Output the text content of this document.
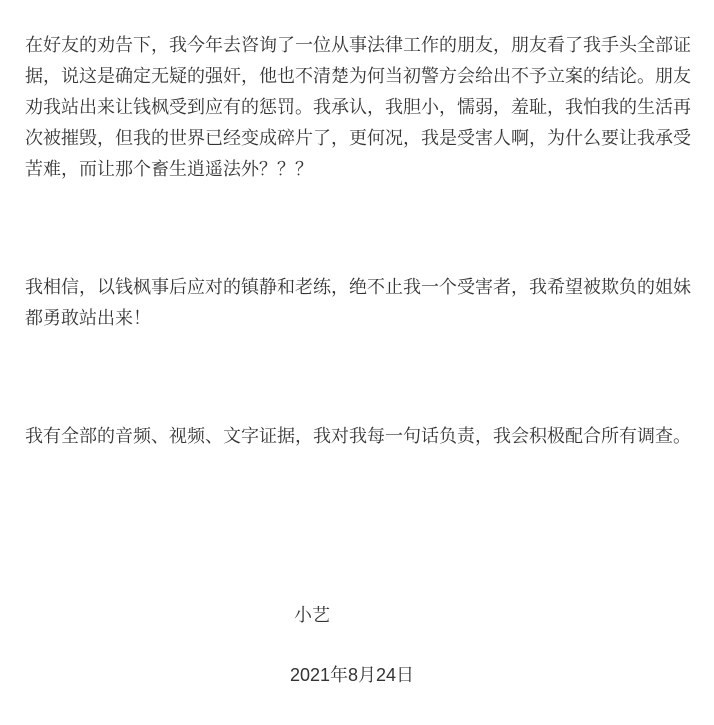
在好友的劝告下，我今年去咨询了一位从事法律工作的朋友，朋友看了我手头全部证据，说这是确定无疑的强奸，他也不清楚为何当初警方会给出不予立案的结论。朋友劝我站出来让钱枫受到应有的惩罚。我承认，我胆小，懦弱，羞耻，我怕我的生活再次被摧毁，但我的世界已经变成碎片了，更何况，我是受害人啊，为什么要让我承受苦难，而让那个畜生逍遥法外？？？

我相信，以钱枫事后应对的镇静和老练，绝不止我一个受害者，我希望被欺负的姐妹都勇敢站出来！

我有全部的音频、视频、文字证据，我对我每一句话负责，我会积极配合所有调查。

小艺
2021年8月24日
